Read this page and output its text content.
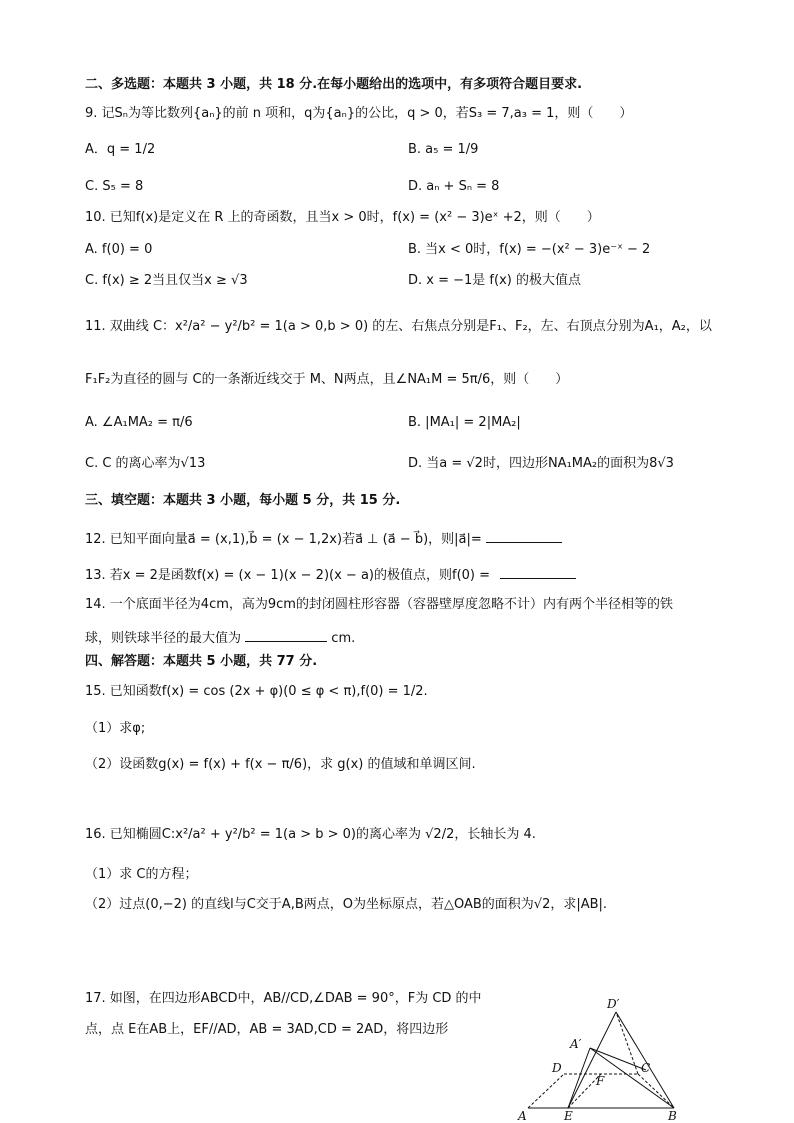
二、多选题：本题共 3 小题，共 18 分.在每小题给出的选项中，有多项符合题目要求.
9. 记Sₙ为等比数列{aₙ}的前 n 项和，q为{aₙ}的公比，q > 0，若S₃ = 7,a₃ = 1，则（　　）
A．q = 1/2	B. a₅ = 1/9
C. S₅ = 8	D. aₙ + Sₙ = 8
10. 已知f(x)是定义在 R 上的奇函数，且当x > 0时，f(x) = (x² − 3)eˣ +2，则（　　）
A. f(0) = 0	B. 当x < 0时，f(x) = −(x² − 3)e⁻ˣ − 2
C. f(x) ≥ 2当且仅当x ≥ √3	D. x = −1是 f(x) 的极大值点
11. 双曲线 C：x²/a² − y²/b² = 1(a > 0,b > 0) 的左、右焦点分别是F₁、F₂，左、右顶点分别为A₁，A₂，以
F₁F₂为直径的圆与 C的一条渐近线交于 M、N两点，且∠NA₁M = 5π/6，则（　　）
A. ∠A₁MA₂ = π/6	B. |MA₁| = 2|MA₂|
C. C 的离心率为√13	D. 当a = √2时，四边形NA₁MA₂的面积为8√3
三、填空题：本题共 3 小题，每小题 5 分，共 15 分.
12. 已知平面向量a⃗ = (x,1),b⃗ = (x − 1,2x)若a⃗ ⊥ (a⃗ − b⃗)，则|a⃗|=
13. 若x = 2是函数f(x) = (x − 1)(x − 2)(x − a)的极值点，则f(0) =
14. 一个底面半径为4cm，高为9cm的封闭圆柱形容器（容器壁厚度忽略不计）内有两个半径相等的铁
球，则铁球半径的最大值为	cm.
四、解答题：本题共 5 小题，共 77 分.
15. 已知函数f(x) = cos (2x + φ)(0 ≤ φ < π),f(0) = 1/2.
（1）求φ;
（2）设函数g(x) = f(x) + f(x − π/6)，求 g(x) 的值域和单调区间.
16. 已知椭圆C:x²/a² + y²/b² = 1(a > b > 0)的离心率为 √2/2，长轴长为 4.
（1）求 C的方程；
（2）过点(0,−2) 的直线l与C交于A,B两点，O为坐标原点，若△OAB的面积为√2，求|AB|.
17. 如图，在四边形ABCD中，AB//CD,∠DAB = 90°，F为 CD 的中
点，点 E在AB上，EF//AD，AB = 3AD,CD = 2AD，将四边形
D′
A′
D	C
F
A	E	B
